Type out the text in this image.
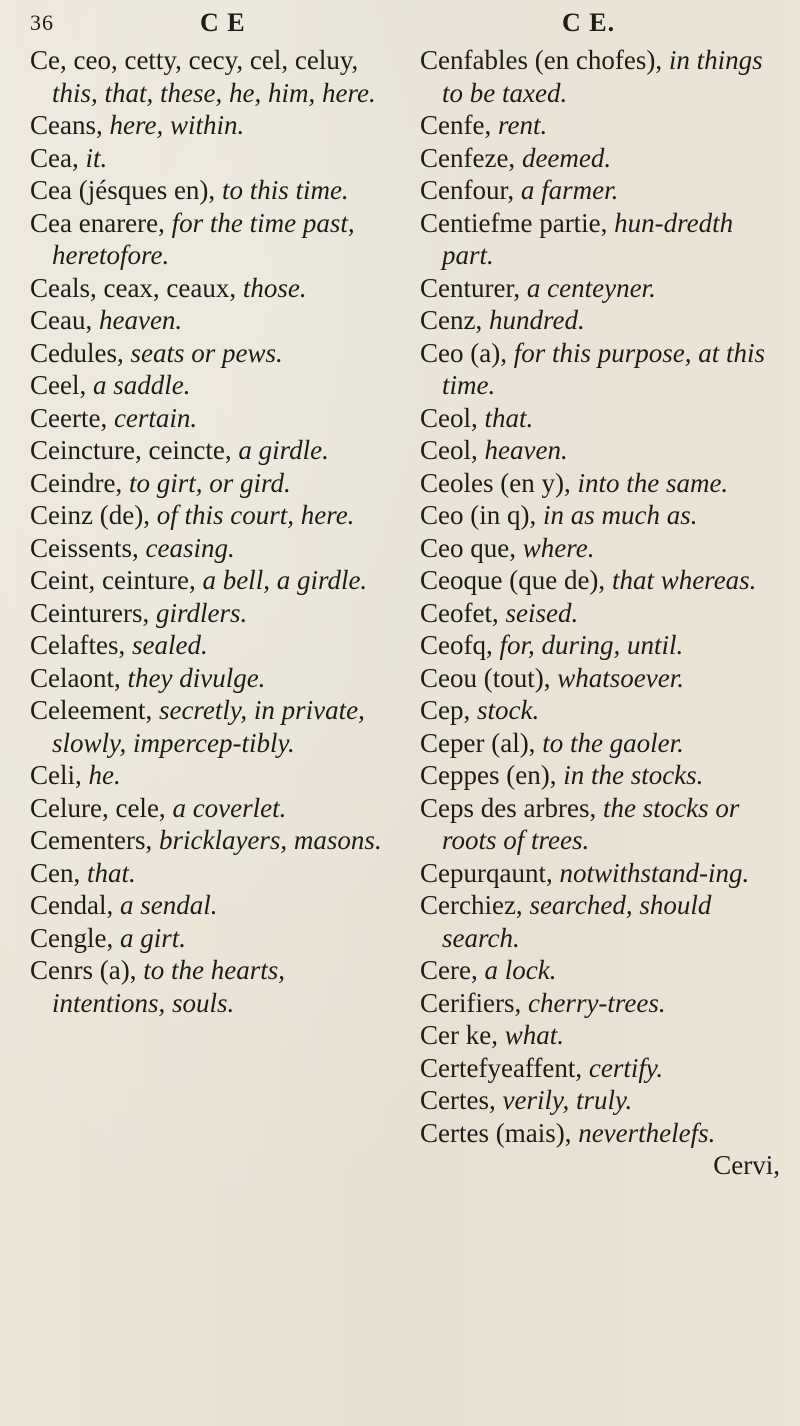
36	C E	C E.
Ce, ceo, cetty, cecy, cel, celuy, this, that, these, he, him, here.
Ceans, here, within.
Cea, it.
Cea (jésques en), to this time.
Cea enarere, for the time past, heretofore.
Ceals, ceax, ceaux, those.
Ceau, heaven.
Cedules, seats or pews.
Ceel, a saddle.
Ceerte, certain.
Ceincture, ceincte, a girdle.
Ceindre, to girt, or gird.
Ceinz (de), of this court, here.
Ceissents, ceasing.
Ceint, ceinture, a bell, a girdle.
Ceinturers, girdlers.
Celaftes, sealed.
Celaont, they divulge.
Celeement, secretly, in private, slowly, impercep-tibly.
Celi, he.
Celure, cele, a coverlet.
Cementers, bricklayers, masons.
Cen, that.
Cendal, a sendal.
Cengle, a girt.
Cenrs (a), to the hearts, intentions, souls.
Cenfables (en chofes), in things to be taxed.
Cenfe, rent.
Cenfeze, deemed.
Cenfour, a farmer.
Centiefme partie, hun-dredth part.
Centurer, a centeyner.
Cenz, hundred.
Ceo (a), for this purpose, at this time.
Ceol, that.
Ceol, heaven.
Ceoles (en y), into the same.
Ceo (in q), in as much as.
Ceo que, where.
Ceoque (que de), that whereas.
Ceofet, seised.
Ceofq, for, during, until.
Ceou (tout), whatsoever.
Cep, stock.
Ceper (al), to the gaoler.
Ceppes (en), in the stocks.
Ceps des arbres, the stocks or roots of trees.
Cepurqaunt, notwithstand-ing.
Cerchiez, searched, should search.
Cere, a lock.
Cerifiers, cherry-trees.
Cer ke, what.
Certefyeaffent, certify.
Certes, verily, truly.
Certes (mais), neverthelefs.
Cervi,
